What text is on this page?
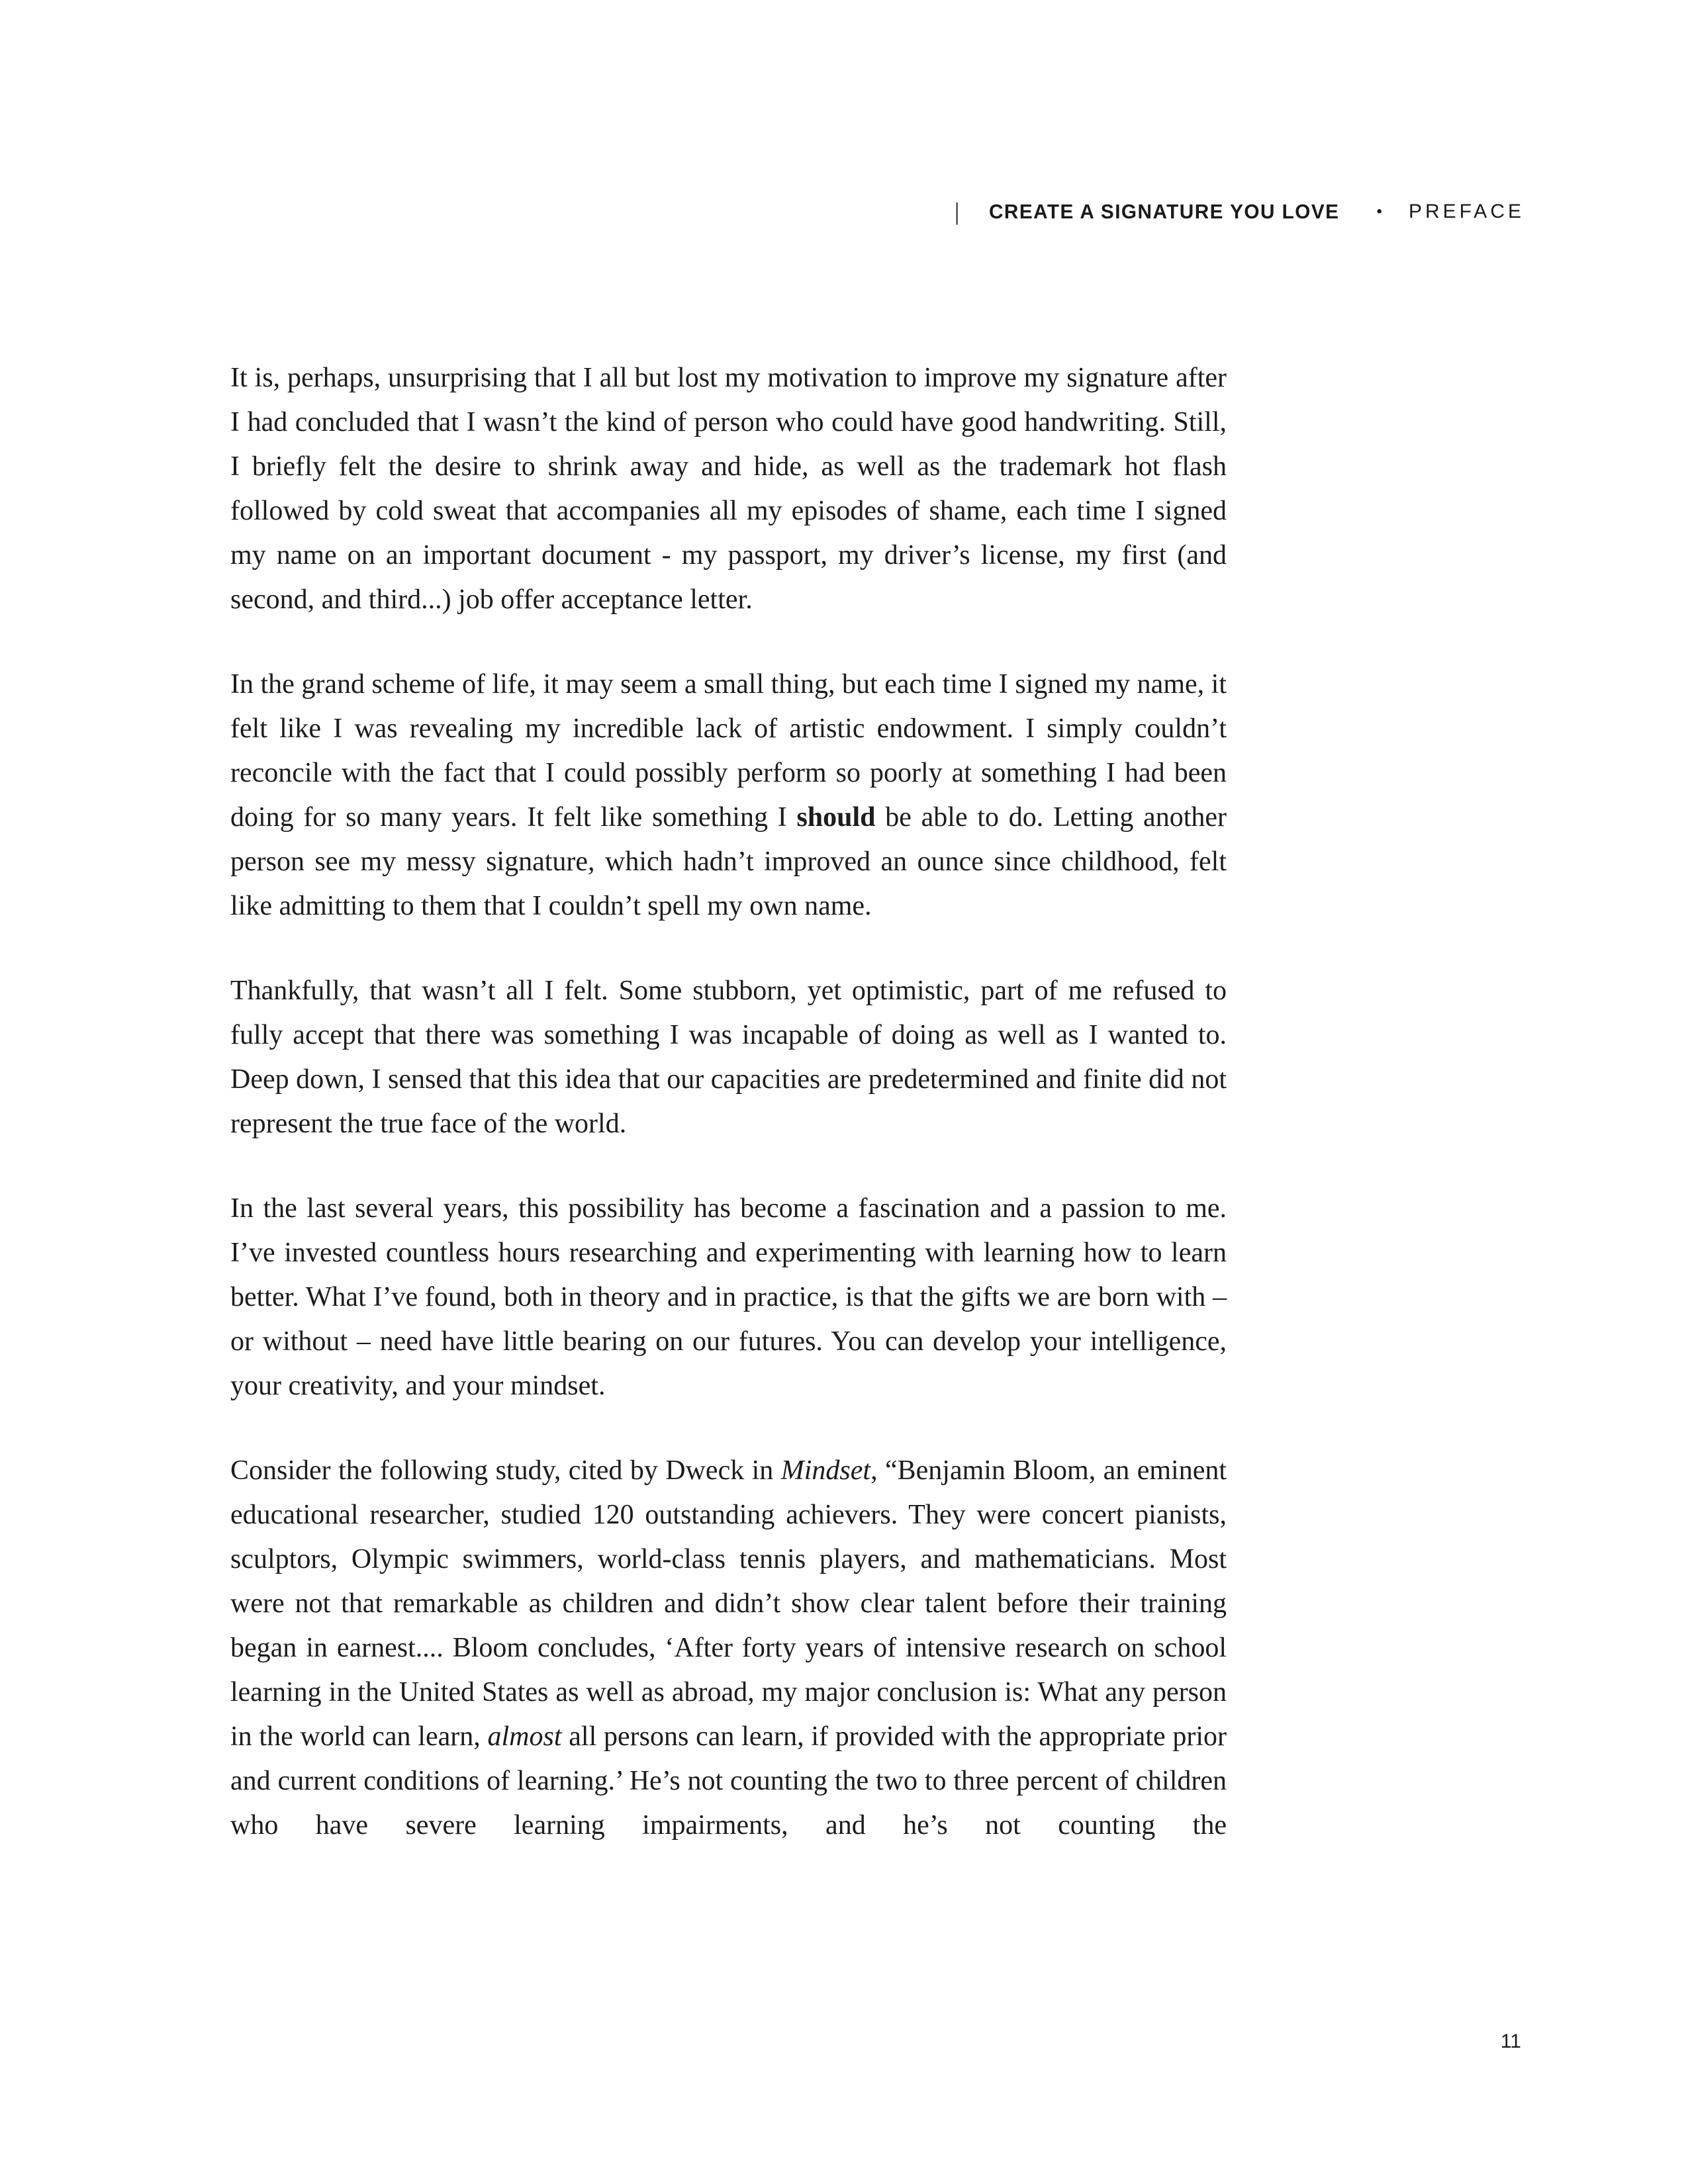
| CREATE A SIGNATURE YOU LOVE • PREFACE

It is, perhaps, unsurprising that I all but lost my motivation to improve my signature after I had concluded that I wasn’t the kind of person who could have good handwriting. Still, I briefly felt the desire to shrink away and hide, as well as the trademark hot flash followed by cold sweat that accompanies all my episodes of shame, each time I signed my name on an important document - my passport, my driver’s license, my first (and second, and third...) job offer acceptance letter.

In the grand scheme of life, it may seem a small thing, but each time I signed my name, it felt like I was revealing my incredible lack of artistic endowment. I simply couldn’t reconcile with the fact that I could possibly perform so poorly at something I had been doing for so many years. It felt like something I should be able to do. Letting another person see my messy signature, which hadn’t improved an ounce since childhood, felt like admitting to them that I couldn’t spell my own name.

Thankfully, that wasn’t all I felt. Some stubborn, yet optimistic, part of me refused to fully accept that there was something I was incapable of doing as well as I wanted to. Deep down, I sensed that this idea that our capacities are predetermined and finite did not represent the true face of the world.

In the last several years, this possibility has become a fascination and a passion to me. I’ve invested countless hours researching and experimenting with learning how to learn better. What I’ve found, both in theory and in practice, is that the gifts we are born with – or without – need have little bearing on our futures. You can develop your intelligence, your creativity, and your mindset.

Consider the following study, cited by Dweck in Mindset, “Benjamin Bloom, an eminent educational researcher, studied 120 outstanding achievers. They were concert pianists, sculptors, Olympic swimmers, world-class tennis players, and mathematicians. Most were not that remarkable as children and didn’t show clear talent before their training began in earnest.... Bloom concludes, ‘After forty years of intensive research on school learning in the United States as well as abroad, my major conclusion is: What any person in the world can learn, almost all persons can learn, if provided with the appropriate prior and current conditions of learning.’ He’s not counting the two to three percent of children who have severe learning impairments, and he’s not counting the

11
